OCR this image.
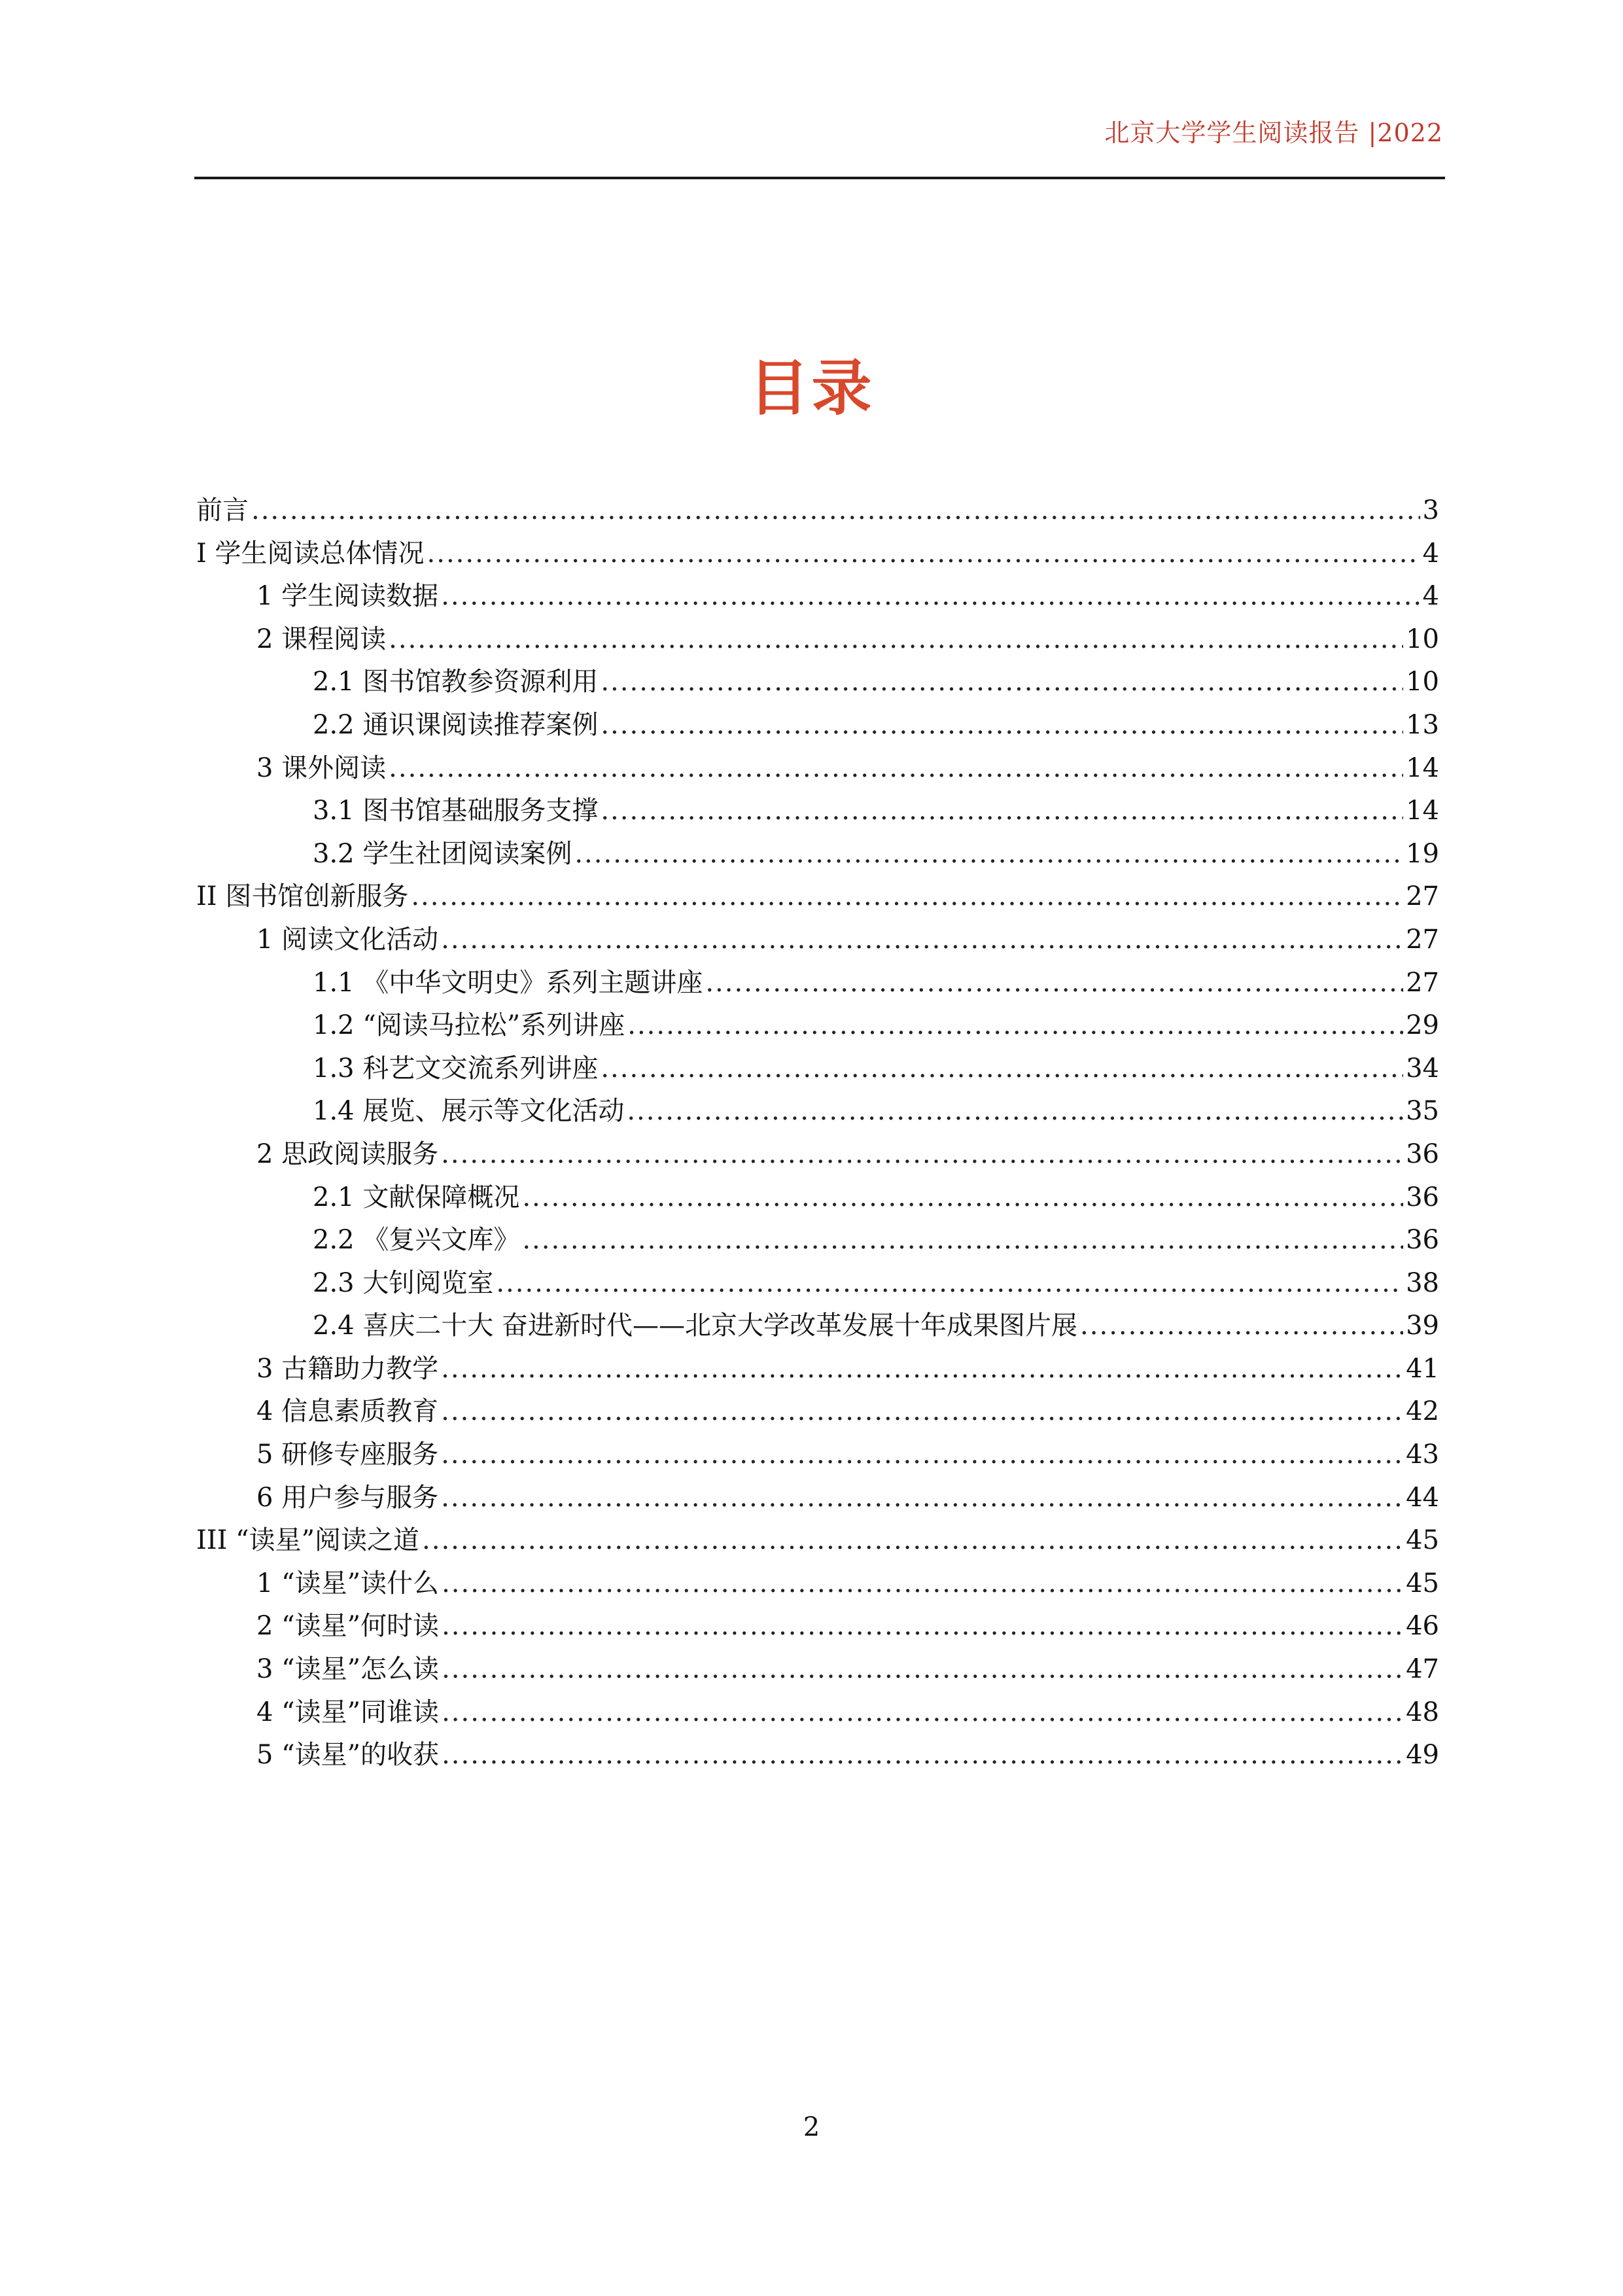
北京大学学生阅读报告 |2022
目录
前言 .....	3
I 学生阅读总体情况 .....	4
1 学生阅读数据 .....	4
2 课程阅读 .....	10
2.1 图书馆教参资源利用 .....	10
2.2 通识课阅读推荐案例 .....	13
3 课外阅读 .....	14
3.1 图书馆基础服务支撑 .....	14
3.2 学生社团阅读案例 .....	19
II 图书馆创新服务 .....	27
1 阅读文化活动 .....	27
1.1 《中华文明史》系列主题讲座 .....	27
1.2 “阅读马拉松”系列讲座 .....	29
1.3 科艺文交流系列讲座 .....	34
1.4 展览、展示等文化活动 .....	35
2 思政阅读服务 .....	36
2.1 文献保障概况 .....	36
2.2 《复兴文库》 .....	36
2.3 大钊阅览室 .....	38
2.4 喜庆二十大 奋进新时代——北京大学改革发展十年成果图片展 .....	39
3 古籍助力教学 .....	41
4 信息素质教育 .....	42
5 研修专座服务 .....	43
6 用户参与服务 .....	44
III “读星”阅读之道 .....	45
1 “读星”读什么 .....	45
2 “读星”何时读 .....	46
3 “读星”怎么读 .....	47
4 “读星”同谁读 .....	48
5 “读星”的收获 .....	49
2
